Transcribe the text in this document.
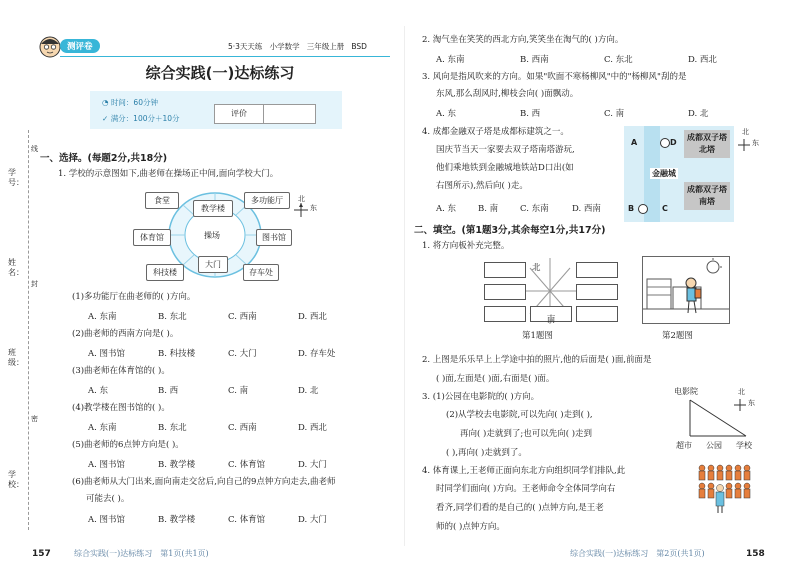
学号：
线
姓名：
封
班级：
密
学校：
测评卷	5·3天天练 小学数学 三年级上册 BSD
综合实践(一)达标练习
◔ 时间：60分钟
✓ 满分：100分＋10分
评价
一、选择。(每题2分,共18分)
1. 学校的示意图如下,曲老师在操场正中间,面向学校大门。
操场
教学楼
多功能厅
图书馆
存车处
大门
科技楼
体育馆
食堂	北
东
(1)多功能厅在曲老师的( )方向。
A. 东南	B. 东北	C. 西南	D. 西北
(2)曲老师的西南方向是( )。
A. 图书馆	B. 科技楼	C. 大门	D. 存车处
(3)曲老师在体育馆的( )。
A. 东	B. 西	C. 南	D. 北
(4)教学楼在图书馆的( )。
A. 东南	B. 东北	C. 西南	D. 西北
(5)曲老师的6点钟方向是( )。
A. 图书馆	B. 教学楼	C. 体育馆	D. 大门
(6)曲老师从大门出来,面向南走交岔后,向自己的9点钟方向走去,曲老师
可能去( )。
A. 图书馆	B. 教学楼	C. 体育馆	D. 大门
2. 淘气坐在笑笑的西北方向,笑笑坐在淘气的( )方向。
A. 东南	B. 西南	C. 东北	D. 西北
3. 风向是指风吹来的方向。如果"吹面不寒杨柳风"中的"杨柳风"刮的是
东风,那么刮风时,柳枝会向( )面飘动。
A. 东	B. 西	C. 南	D. 北
4. 成都金融双子塔是成都标建筑之一。
国庆节当天一家要去双子塔南塔游玩,
他们乘地铁到金融城地铁站D口出(如
右图所示),然后向( )走。
A. 东	B. 南	C. 东南	D. 西南
A	D
B	C
金融城
成都双子塔北塔
成都双子塔南塔
北
东
二、填空。(第1题3分,其余每空1分,共17分)
1. 将方向板补充完整。
北
南
第1题图	第2题图
2. 上图是乐乐早上上学途中拍的照片,他的后面是( )面,前面是
( )面,左面是( )面,右面是( )面。
3. (1)公园在电影院的( )方向。
(2)从学校去电影院,可以先向( )走到( ),
再向( )走就到了;也可以先向( )走到
( ),再向( )走就到了。
电影院
超市 公园 学校
北
东
4. 体育课上,王老师正面向东北方向组织同学们排队,此
时同学们面向( )方向。王老师命令全体同学向右
看齐,同学们看的是自己的( )点钟方向,是王老
师的( )点钟方向。
157	综合实践(一)达标练习　第1页(共1页)	综合实践(一)达标练习　第2页(共1页)	158
